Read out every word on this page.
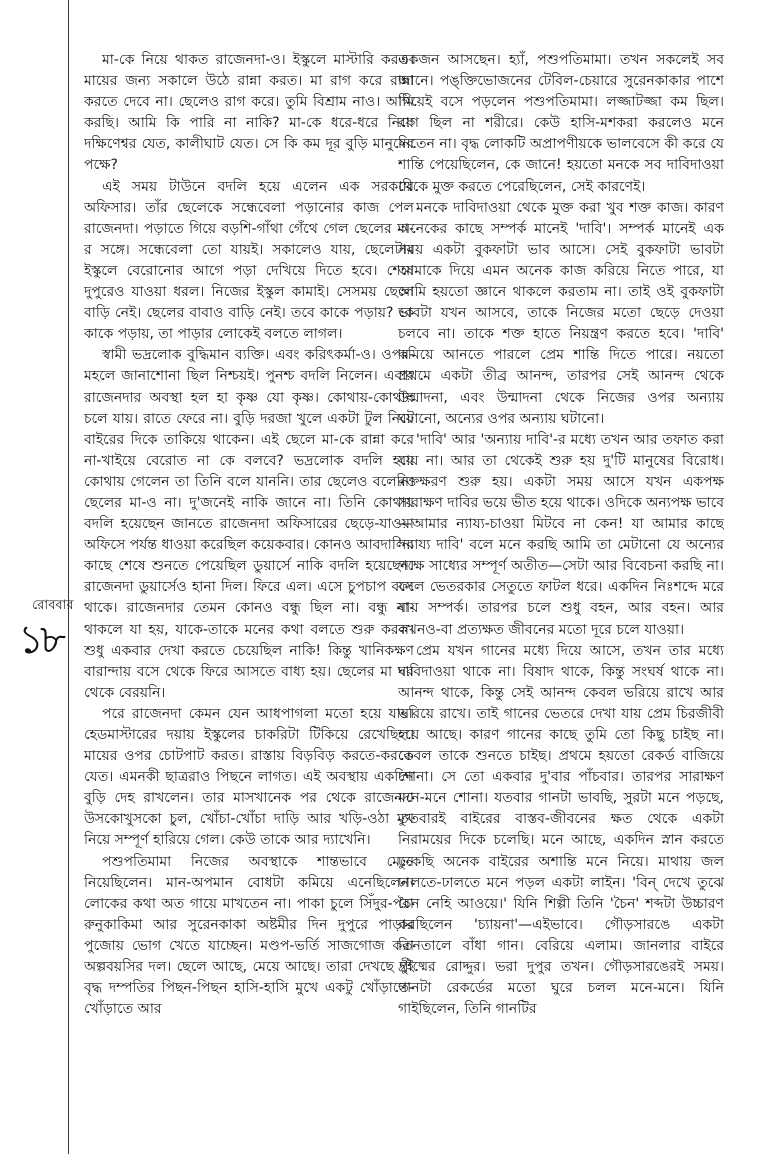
রোববার
১৮

মা-কে নিয়ে থাকত রাজেনদা-ও। ইস্কুলে মাস্টারি করত। মায়ের জন্য সকালে উঠে রান্না করত। মা রাগ করে রান্না করতে দেবে না। ছেলেও রাগ করে। তুমি বিশ্রাম নাও। আমি করছি। আমি কি পারি না নাকি? মা-কে ধরে-ধরে নিয়ে দক্ষিণেশ্বর যেত, কালীঘাট যেত। সে কি কম দূর বুড়ি মানুষের পক্ষে?

এই সময় টাউনে বদলি হয়ে এলেন এক সরকারি অফিসার। তাঁর ছেলেকে সন্ধেবেলা পড়ানোর কাজ পেল রাজেনদা। পড়াতে গিয়ে বড়শি-গাঁথা গেঁথে গেল ছেলের মা-র সঙ্গে। সন্ধেবেলা তো যায়ই। সকালেও যায়, ছেলেটার ইস্কুলে বেরোনোর আগে পড়া দেখিয়ে দিতে হবে। শেষে দুপুরেও যাওয়া ধরল। নিজের ইস্কুল কামাই। সেসময় ছেলে বাড়ি নেই। ছেলের বাবাও বাড়ি নেই। তবে কাকে পড়ায়? কে কাকে পড়ায়, তা পাড়ার লোকেই বলতে লাগল।

স্বামী ভদ্রলোক বুদ্ধিমান ব্যক্তি। এবং করিৎকর্মা-ও। ওপর-মহলে জানাশোনা ছিল নিশ্চয়ই। পুনশ্চ বদলি নিলেন। এবার রাজেনদার অবস্থা হল হা কৃষ্ণ যো কৃষ্ণ। কোথায়-কোথায় চলে যায়। রাতে ফেরে না। বুড়ি দরজা খুলে একটা টুল নিয়ে বাইরের দিকে তাকিয়ে থাকেন। এই ছেলে মা-কে রান্না করে না-খাইয়ে বেরোত না কে বলবে? ভদ্রলোক বদলি হয়ে কোথায় গেলেন তা তিনি বলে যাননি। তার ছেলেও বলেনি। ছেলের মা-ও না। দু'জনেই নাকি জানে না। তিনি কোথায় বদলি হয়েছেন জানতে রাজেনদা অফিসারের ছেড়ে-যাওয়া অফিসে পর্যন্ত ধাওয়া করেছিল কয়েকবার। কোনও আবদালির কাছে শেষে শুনতে পেয়েছিল ডুয়ার্সে নাকি বদলি হয়েছেন। রাজেনদা ডুয়ার্সেও হানা দিল। ফিরে এল। এসে চুপচাপ বসে থাকে। রাজেনদার তেমন কোনও বন্ধু ছিল না। বন্ধু না-থাকলে যা হয়, যাকে-তাকে মনের কথা বলতে শুরু করল। শুধু একবার দেখা করতে চেয়েছিল নাকি! কিন্তু খানিকক্ষণ বারান্দায় বসে থেকে ফিরে আসতে বাধ্য হয়। ছেলের মা ঘর থেকে বেরয়নি।

পরে রাজেনদা কেমন যেন আধপাগলা মতো হয়ে যায়। হেডমাস্টারের দয়ায় ইস্কুলের চাকরিটা টিকিয়ে রেখেছিল। মায়ের ওপর চোটপাট করত। রাস্তায় বিড়বিড় করতে-করতে যেত। এমনকী ছাত্ররাও পিছনে লাগত। এই অবস্থায় একদিন বুড়ি দেহ রাখলেন। তার মাসখানেক পর থেকে রাজেনদা উসকোখুসকো চুল, খোঁচা-খোঁচা দাড়ি আর খড়ি-ওঠা মুখ নিয়ে সম্পূর্ণ হারিয়ে গেল। কেউ তাকে আর দ্যাখেনি।

পশুপতিমামা নিজের অবস্থাকে শান্তভাবে মেনে নিয়েছিলেন। মান-অপমান বোধটা কমিয়ে এনেছিলেন। লোকের কথা অত গায়ে মাখতেন না। পাকা চুলে সিঁদুর-পরা রুনুকাকিমা আর সুরেনকাকা অষ্টমীর দিন দুপুরে পাড়ার পুজোয় ভোগ খেতে যাচ্ছেন। মণ্ডপ-ভর্তি সাজগোজ করা অল্পবয়সির দল। ছেলে আছে, মেয়ে আছে। তারা দেখছে দুই বৃদ্ধ দম্পতির পিছন-পিছন হাসি-হাসি মুখে একটু খোঁড়াতে-খোঁড়াতে আর

একজন আসছেন। হ্যাঁ, পশুপতিমামা। তখন সকলেই সব জানে। পঙ্‌ক্তিভোজনের টেবিল-চেয়ারে সুরেনকাকার পাশে গিয়েই বসে পড়লেন পশুপতিমামা। লজ্জাটজ্জা কম ছিল। রাগ ছিল না শরীরে। কেউ হাসি-মশকরা করলেও মনে নিতেন না। বৃদ্ধ লোকটি অপ্রাপণীয়কে ভালবেসে কী করে যে শান্তি পেয়েছিলেন, কে জানে! হয়তো মনকে সব দাবিদাওয়া থেকে মুক্ত করতে পেরেছিলেন, সেই কারণেই।

মনকে দাবিদাওয়া থেকে মুক্ত করা খুব শক্ত কাজ। কারণ অনেকের কাছে সম্পর্ক মানেই 'দাবি'। সম্পর্ক মানেই এক সময় একটা বুকফাটা ভাব আসে। সেই বুকফাটা ভাবটা আমাকে দিয়ে এমন অনেক কাজ করিয়ে নিতে পারে, যা আমি হয়তো জ্ঞানে থাকলে করতাম না। তাই ওই বুকফাটা ভাবটা যখন আসবে, তাকে নিজের মতো ছেড়ে দেওয়া চলবে না। তাকে শক্ত হাতে নিয়ন্ত্রণ করতে হবে। 'দাবি' কমিয়ে আনতে পারলে প্রেম শান্তি দিতে পারে। নয়তো প্রথমে একটা তীব্র আনন্দ, তারপর সেই আনন্দ থেকে উন্মাদনা, এবং উন্মাদনা থেকে নিজের ওপর অন্যায় ঘটানো, অন্যের ওপর অন্যায় ঘটানো।

'দাবি' আর 'অন্যায় দাবি'-র মধ্যে তখন আর তফাত করা যায় না। আর তা থেকেই শুরু হয় দু'টি মানুষের বিরোধ। রক্তক্ষরণ শুরু হয়। একটা সময় আসে যখন একপক্ষ সারাক্ষণ দাবির ভয়ে ভীত হয়ে থাকে। ওদিকে অন্যপক্ষ ভাবে—আমার ন্যায্য-চাওয়া মিটবে না কেন! যা আমার কাছে 'ন্যায্য দাবি' বলে মনে করছি আমি তা মেটানো যে অন্যের পক্ষে সাধ্যের সম্পূর্ণ অতীত—সেটা আর বিবেচনা করছি না। ফলে ভেতরকার সেতুতে ফাটল ধরে। একদিন নিঃশব্দে মরে যায় সম্পর্ক। তারপর চলে শুধু বহন, আর বহন। আর কখনও-বা প্রত্যক্ষত জীবনের মতো দূরে চলে যাওয়া।

প্রেম যখন গানের মধ্যে দিয়ে আসে, তখন তার মধ্যে দাবিদাওয়া থাকে না। বিষাদ থাকে, কিন্তু সংঘর্ষ থাকে না। আনন্দ থাকে, কিন্তু সেই আনন্দ কেবল ভরিয়ে রাখে আর ভরিয়ে রাখে। তাই গানের ভেতরে দেখা যায় প্রেম চিরজীবী হয়ে আছে। কারণ গানের কাছে তুমি তো কিছু চাইছ না। কেবল তাকে শুনতে চাইছ। প্রথমে হয়তো রেকর্ড বাজিয়ে শোনা। সে তো একবার দু'বার পাঁচবার। তারপর সারাক্ষণ মনে-মনে শোনা। যতবার গানটা ভাবছি, সুরটা মনে পড়ছে, ততবারই বাইরের বাস্তব-জীবনের ক্ষত থেকে একটা নিরাময়ের দিকে চলেছি। মনে আছে, একদিন স্নান করতে ঢুকেছি অনেক বাইরের অশান্তি মনে নিয়ে। মাথায় জল ঢালতে-ঢালতে মনে পড়ল একটা লাইন। 'বিন্ দেখে তুঝে চৈন নেহি আওয়ে।' যিনি শিল্পী তিনি 'চৈন' শব্দটা উচ্চারণ করছিলেন 'চ্যায়না'—এইভাবে। গৌড়সারঙে একটা তিনতালে বাঁধা গান। বেরিয়ে এলাম। জানলার বাইরে গ্রীষ্মের রোদ্দুর। ভরা দুপুর তখন। গৌড়সারঙেরই সময়। গানটা রেকর্ডের মতো ঘুরে চলল মনে-মনে। যিনি গাইছিলেন, তিনি গানটির
